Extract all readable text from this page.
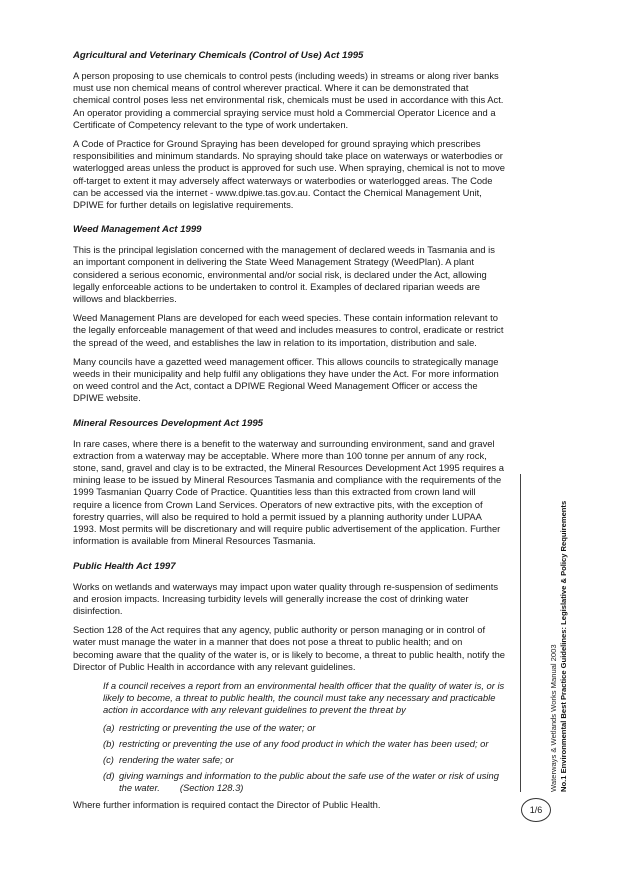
Agricultural and Veterinary Chemicals (Control of Use) Act 1995

A person proposing to use chemicals to control pests (including weeds) in streams or along river banks must use non chemical means of control wherever practical. Where it can be demonstrated that chemical control poses less net environmental risk, chemicals must be used in accordance with this Act. An operator providing a commercial spraying service must hold a Commercial Operator Licence and a Certificate of Competency relevant to the type of work undertaken.

A Code of Practice for Ground Spraying has been developed for ground spraying which prescribes responsibilities and minimum standards. No spraying should take place on waterways or waterbodies or waterlogged areas unless the product is approved for such use. When spraying, chemical is not to move off-target to extent it may adversely affect waterways or waterbodies or waterlogged areas. The Code can be accessed via the internet - www.dpiwe.tas.gov.au. Contact the Chemical Management Unit, DPIWE for further details on legislative requirements.

Weed Management Act 1999

This is the principal legislation concerned with the management of declared weeds in Tasmania and is an important component in delivering the State Weed Management Strategy (WeedPlan). A plant considered a serious economic, environmental and/or social risk, is declared under the Act, allowing legally enforceable actions to be undertaken to control it. Examples of declared riparian weeds are willows and blackberries.

Weed Management Plans are developed for each weed species. These contain information relevant to the legally enforceable management of that weed and includes measures to control, eradicate or restrict the spread of the weed, and establishes the law in relation to its importation, distribution and sale.

Many councils have a gazetted weed management officer. This allows councils to strategically manage weeds in their municipality and help fulfil any obligations they have under the Act. For more information on weed control and the Act, contact a DPIWE Regional Weed Management Officer or access the DPIWE website.

Mineral Resources Development Act 1995

In rare cases, where there is a benefit to the waterway and surrounding environment, sand and gravel extraction from a waterway may be acceptable. Where more than 100 tonne per annum of any rock, stone, sand, gravel and clay is to be extracted, the Mineral Resources Development Act 1995 requires a mining lease to be issued by Mineral Resources Tasmania and compliance with the requirements of the 1999 Tasmanian Quarry Code of Practice. Quantities less than this extracted from crown land will require a licence from Crown Land Services. Operators of new extractive pits, with the exception of forestry quarries, will also be required to hold a permit issued by a planning authority under LUPAA 1993. Most permits will be discretionary and will require public advertisement of the application. Further information is available from Mineral Resources Tasmania.

Public Health Act 1997

Works on wetlands and waterways may impact upon water quality through re-suspension of sediments and erosion impacts. Increasing turbidity levels will generally increase the cost of drinking water disinfection.

Section 128 of the Act requires that any agency, public authority or person managing or in control of water must manage the water in a manner that does not pose a threat to public health; and on becoming aware that the quality of the water is, or is likely to become, a threat to public health, notify the Director of Public Health in accordance with any relevant guidelines.

If a council receives a report from an environmental health officer that the quality of water is, or is likely to become, a threat to public health, the council must take any necessary and practicable action in accordance with any relevant guidelines to prevent the threat by

(a) restricting or preventing the use of the water; or
(b) restricting or preventing the use of any food product in which the water has been used; or
(c) rendering the water safe; or
(d) giving warnings and information to the public about the safe use of the water or risk of using the water. (Section 128.3)

Where further information is required contact the Director of Public Health.

Waterways & Wetlands Works Manual 2003 No.1 Environmental Best Practice Guidelines: Legislative & Policy Requirements
1/6
